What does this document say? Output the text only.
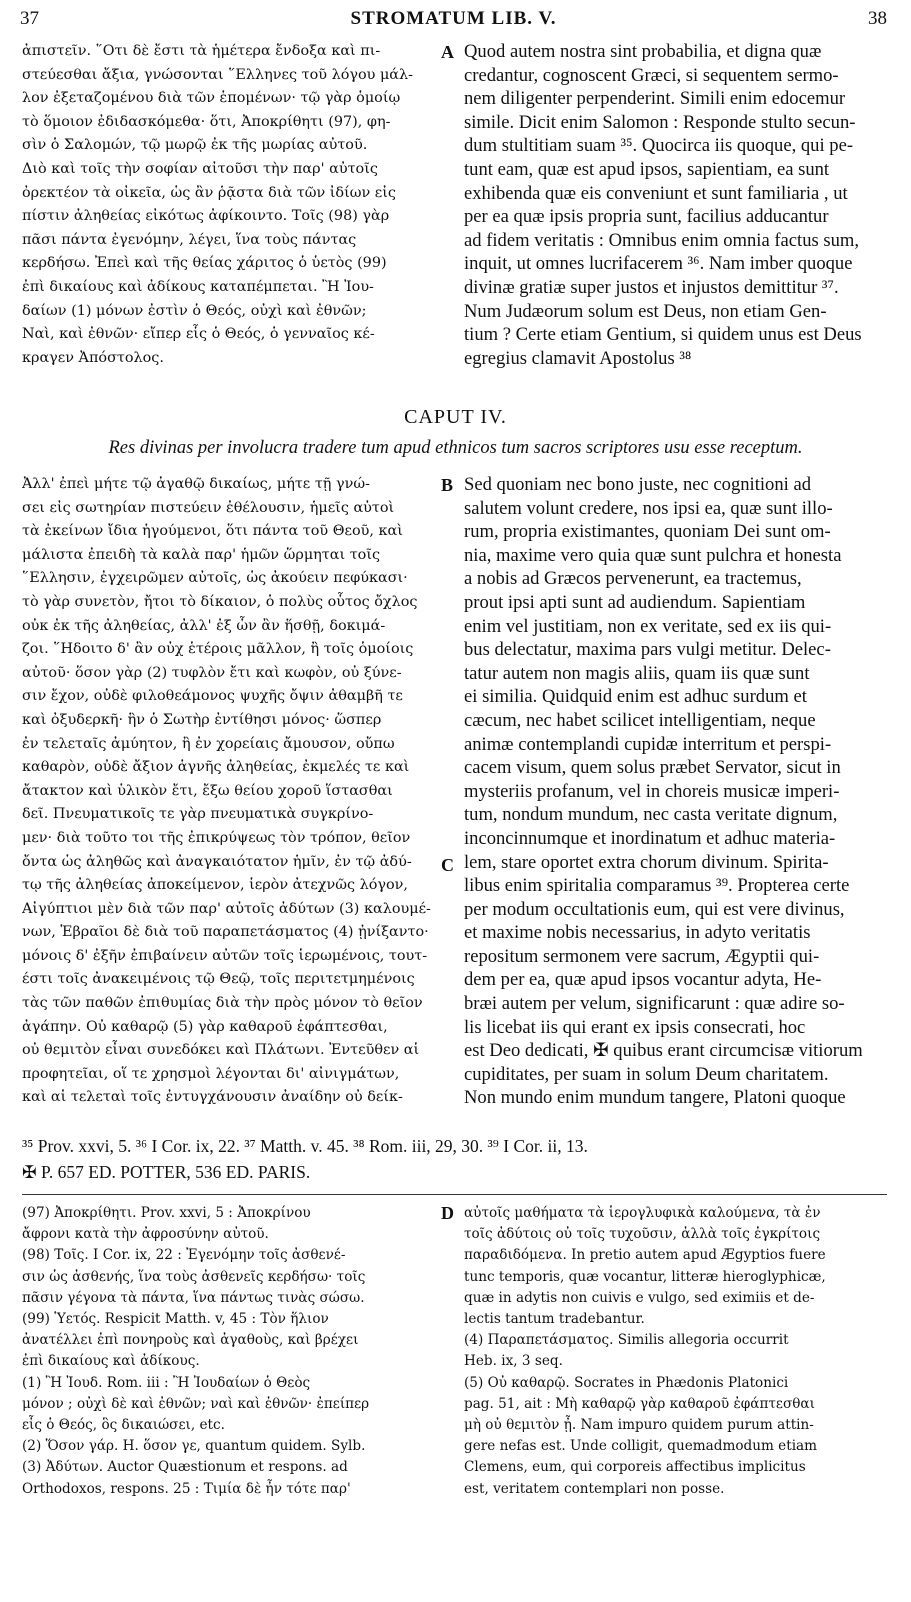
37	STROMATUM LIB. V.	38
ἀπιστεῖν. ῞Οτι δὲ ἔστι τὰ ἡμέτερα ἔνδοξα καὶ πι-
στεύεσθαι ἄξια, γνώσονται ῞Ελληνες τοῦ λόγου μάλ-
λον ἐξεταζομένου διὰ τῶν ἑπομένων· τῷ γὰρ ὁμοίῳ
τὸ ὅμοιον ἐδιδασκόμεθα· ὅτι, Ἀποκρίθητι (97), φη-
σὶν ὁ Σαλομών, τῷ μωρῷ ἐκ τῆς μωρίας αὐτοῦ.
Διὸ καὶ τοῖς τὴν σοφίαν αἰτοῦσι τὴν παρ' αὐτοῖς
ὀρεκτέον τὰ οἰκεῖα, ὡς ἂν ῥᾷστα διὰ τῶν ἰδίων εἰς
πίστιν ἀληθείας εἰκότως ἀφίκοιντο. Τοῖς (98) γὰρ
πᾶσι πάντα ἐγενόμην, λέγει, ἵνα τοὺς πάντας
κερδήσω. Ἐπεὶ καὶ τῆς θείας χάριτος ὁ ὑετὸς (99)
ἐπὶ δικαίους καὶ ἀδίκους καταπέμπεται. Ἢ Ἰου-
δαίων (1) μόνων ἐστὶν ὁ Θεός, οὐχὶ καὶ ἐθνῶν;
Ναὶ, καὶ ἐθνῶν· εἴπερ εἷς ὁ Θεός, ὁ γενναῖος κέ-
κραγεν Ἀπόστολος.
A Quod autem nostra sint probabilia, et digna quæ
credantur, cognoscent Græci, si sequentem sermo-
nem diligenter perpenderint. Simili enim edocemur
simile. Dicit enim Salomon : Responde stulto secun-
dum stultitiam suam ³⁵. Quocirca iis quoque, qui pe-
tunt eam, quæ est apud ipsos, sapientiam, ea sunt
exhibenda quæ eis conveniunt et sunt familiaria , ut
per ea quæ ipsis propria sunt, facilius adducantur
ad fidem veritatis : Omnibus enim omnia factus sum,
inquit, ut omnes lucrifacerem ³⁶. Nam imber quoque
divinæ gratiæ super justos et injustos demittitur ³⁷.
Num Judæorum solum est Deus, non etiam Gen-
tium ? Certe etiam Gentium, si quidem unus est Deus
egregius clamavit Apostolus ³⁸
CAPUT IV.
Res divinas per involucra tradere tum apud ethnicos tum sacros scriptores usu esse receptum.
Ἀλλ' ἐπεὶ μήτε τῷ ἀγαθῷ δικαίως, μήτε τῇ γνώ-
σει εἰς σωτηρίαν πιστεύειν ἐθέλουσιν, ἡμεῖς αὐτοὶ
τὰ ἐκείνων ἴδια ἡγούμενοι, ὅτι πάντα τοῦ Θεοῦ, καὶ
μάλιστα ἐπειδὴ τὰ καλὰ παρ' ἡμῶν ὥρμηται τοῖς
῞Ελλησιν, ἐγχειρῶμεν αὐτοῖς, ὡς ἀκούειν πεφύκασι·
τὸ γὰρ συνετὸν, ἤτοι τὸ δίκαιον, ὁ πολὺς οὗτος ὄχλος
οὐκ ἐκ τῆς ἀληθείας, ἀλλ' ἐξ ὧν ἂν ἥσθῇ, δοκιμά-
ζοι. ῞Ηδοιτο δ' ἂν οὐχ ἑτέροις μᾶλλον, ἢ τοῖς ὁμοίοις
αὐτοῦ· ὅσον γὰρ (2) τυφλὸν ἔτι καὶ κωφὸν, οὐ ξύνε-
σιν ἔχον, οὐδὲ φιλοθεάμονος ψυχῆς ὄψιν ἀθαμβῆ τε
καὶ ὀξυδερκῆ· ἣν ὁ Σωτὴρ ἐντίθησι μόνος· ὥσπερ
ἐν τελεταῖς ἀμύητον, ἢ ἐν χορείαις ἄμουσον, οὔπω
καθαρὸν, οὐδὲ ἄξιον ἁγνῆς ἀληθείας, ἐκμελές τε καὶ
ἄτακτον καὶ ὑλικὸν ἔτι, ἔξω θείου χοροῦ ἵστασθαι
δεῖ. Πνευματικοῖς τε γὰρ πνευματικὰ συγκρίνο-
μεν· διὰ τοῦτο τοι τῆς ἐπικρύψεως τὸν τρόπον, θεῖον
ὄντα ὡς ἀληθῶς καὶ ἀναγκαιότατον ἡμῖν, ἐν τῷ ἀδύ-
τῳ τῆς ἀληθείας ἀποκείμενον, ἱερὸν ἀτεχνῶς λόγον,
Αἰγύπτιοι μὲν διὰ τῶν παρ' αὐτοῖς ἀδύτων (3) καλουμέ-
νων, Ἑβραῖοι δὲ διὰ τοῦ παραπετάσματος (4) ᾐνίξαντο·
μόνοις δ' ἐξῆν ἐπιβαίνειν αὐτῶν τοῖς ἱερωμένοις, τουτ-
έστι τοῖς ἀνακειμένοις τῷ Θεῷ, τοῖς περιτετμημένοις
τὰς τῶν παθῶν ἐπιθυμίας διὰ τὴν πρὸς μόνον τὸ θεῖον
ἀγάπην. Οὐ καθαρῷ (5) γὰρ καθαροῦ ἐφάπτεσθαι,
οὐ θεμιτὸν εἶναι συνεδόκει καὶ Πλάτωνι. Ἐντεῦθεν αἱ
προφητεῖαι, οἵ τε χρησμοὶ λέγονται δι' αἰνιγμάτων,
καὶ αἱ τελεταὶ τοῖς ἐντυγχάνουσιν ἀναίδην οὐ δείκ-
B
C
Sed quoniam nec bono juste, nec cognitioni ad
salutem volunt credere, nos ipsi ea, quæ sunt illo-
rum, propria existimantes, quoniam Dei sunt om-
nia, maxime vero quia quæ sunt pulchra et honesta
a nobis ad Græcos pervenerunt, ea tractemus,
prout ipsi apti sunt ad audiendum. Sapientiam
enim vel justitiam, non ex veritate, sed ex iis qui-
bus delectatur, maxima pars vulgi metitur. Delec-
tatur autem non magis aliis, quam iis quæ sunt
ei similia. Quidquid enim est adhuc surdum et
cæcum, nec habet scilicet intelligentiam, neque
animæ contemplandi cupidæ interritum et perspi-
cacem visum, quem solus præbet Servator, sicut in
mysteriis profanum, vel in choreis musicæ imperi-
tum, nondum mundum, nec casta veritate dignum,
inconcinnumque et inordinatum et adhuc materia-
lem, stare oportet extra chorum divinum. Spirita-
libus enim spiritalia comparamus ³⁹. Propterea certe
per modum occultationis eum, qui est vere divinus,
et maxime nobis necessarius, in adyto veritatis
repositum sermonem vere sacrum, Ægyptii qui-
dem per ea, quæ apud ipsos vocantur adyta, He-
bræi autem per velum, significarunt : quæ adire so-
lis licebat iis qui erant ex ipsis consecrati, hoc
est Deo dedicati, ✠ quibus erant circumcisæ vitiorum
cupiditates, per suam in solum Deum charitatem.
Non mundo enim mundum tangere, Platoni quoque
³⁵ Prov. xxvi, 5. ³⁶ I Cor. ix, 22. ³⁷ Matth. v. 45. ³⁸ Rom. iii, 29, 30. ³⁹ I Cor. ii, 13.
✠ P. 657 ED. POTTER, 536 ED. PARIS.
(97) Ἀποκρίθητι. Prov. xxvi, 5 : Ἀποκρίνου
ἄφρονι κατὰ τὴν ἀφροσύνην αὐτοῦ.
(98) Τοῖς. I Cor. ix, 22 : Ἐγενόμην τοῖς ἀσθενέ-
σιν ὡς ἀσθενής, ἵνα τοὺς ἀσθενεῖς κερδήσω· τοῖς
πᾶσιν γέγονα τὰ πάντα, ἵνα πάντως τινὰς σώσω.
(99) Ὑετός. Respicit Matth. v, 45 : Τὸν ἥλιον
ἀνατέλλει ἐπὶ πονηροὺς καὶ ἀγαθοὺς, καὶ βρέχει
ἐπὶ δικαίους καὶ ἀδίκους.
(1) Ἢ Ἰουδ. Rom. iii : Ἢ Ἰουδαίων ὁ Θεὸς
μόνον ; οὐχὶ δὲ καὶ ἐθνῶν; ναὶ καὶ ἐθνῶν· ἐπείπερ
εἷς ὁ Θεός, ὃς δικαιώσει, etc.
(2) Ὅσον γάρ. H. ὅσον γε, quantum quidem. Sylb.
(3) Ἀδύτων. Auctor Quæstionum et respons. ad
Orthodoxos, respons. 25 : Τιμία δὲ ἦν τότε παρ'
D αὐτοῖς μαθήματα τὰ ἱερογλυφικὰ καλούμενα, τὰ ἐν
τοῖς ἀδύτοις οὐ τοῖς τυχοῦσιν, ἀλλὰ τοῖς ἐγκρίτοις
παραδιδόμενα. In pretio autem apud Ægyptios fuere
tunc temporis, quæ vocantur, litteræ hieroglyphicæ,
quæ in adytis non cuivis e vulgo, sed eximiis et de-
lectis tantum tradebantur.
(4) Παραπετάσματος. Similis allegoria occurrit
Heb. ix, 3 seq.
(5) Οὐ καθαρῷ. Socrates in Phædonis Platonici
pag. 51, ait : Μὴ καθαρῷ γὰρ καθαροῦ ἐφάπτεσθαι
μὴ οὐ θεμιτὸν ᾖ. Nam impuro quidem purum attin-
gere nefas est. Unde colligit, quemadmodum etiam
Clemens, eum, qui corporeis affectibus implicitus
est, veritatem contemplari non posse.
